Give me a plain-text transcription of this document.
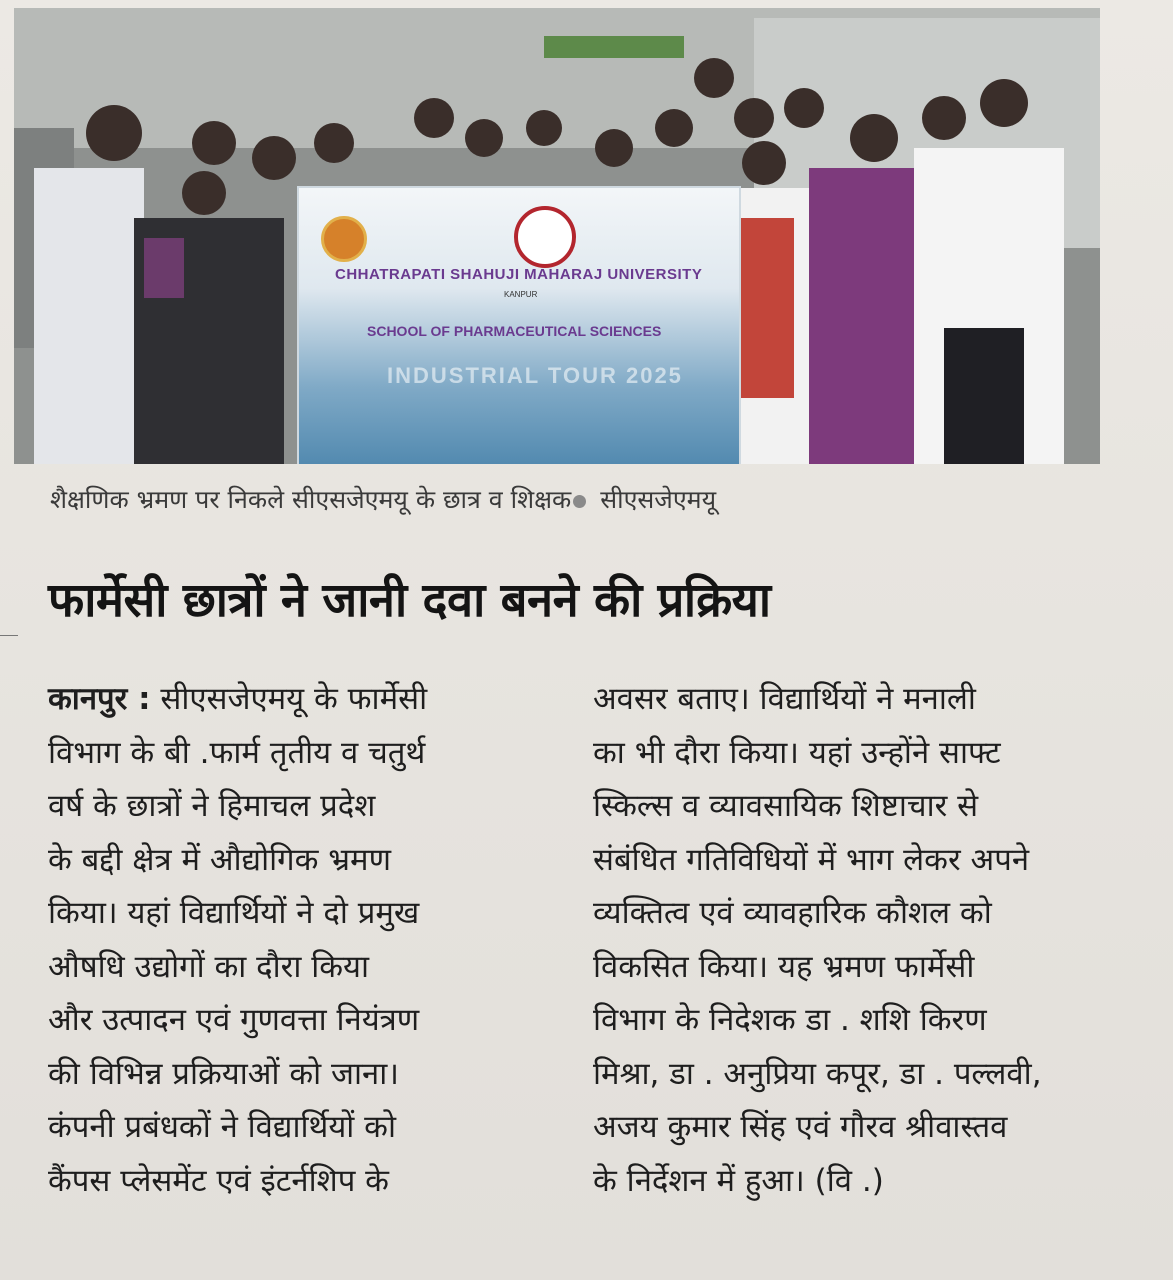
CHHATRAPATI SHAHUJI MAHARAJ UNIVERSITY
KANPUR
SCHOOL OF PHARMACEUTICAL SCIENCES
INDUSTRIAL TOUR 2025
शैक्षणिक भ्रमण पर निकले सीएसजेएमयू के छात्र व शिक्षक सीएसजेएमयू
फार्मेसी छात्रों ने जानी दवा बनने की प्रक्रिया
कानपुर : सीएसजेएमयू के फार्मेसी
विभाग के बी .फार्म तृतीय व चतुर्थ
वर्ष के छात्रों ने हिमाचल प्रदेश
के बद्दी क्षेत्र में औद्योगिक भ्रमण
किया। यहां विद्यार्थियों ने दो प्रमुख
औषधि उद्योगों का दौरा किया
और उत्पादन एवं गुणवत्ता नियंत्रण
की विभिन्न प्रक्रियाओं को जाना।
कंपनी प्रबंधकों ने विद्यार्थियों को
कैंपस प्लेसमेंट एवं इंटर्नशिप के
अवसर बताए। विद्यार्थियों ने मनाली
का भी दौरा किया। यहां उन्होंने साफ्ट
स्किल्स व व्यावसायिक शिष्टाचार से
संबंधित गतिविधियों में भाग लेकर अपने
व्यक्तित्व एवं व्यावहारिक कौशल को
विकसित किया। यह भ्रमण फार्मेसी
विभाग के निदेशक डा . शशि किरण
मिश्रा, डा . अनुप्रिया कपूर, डा . पल्लवी,
अजय कुमार सिंह एवं गौरव श्रीवास्तव
के निर्देशन में हुआ। (वि .)
